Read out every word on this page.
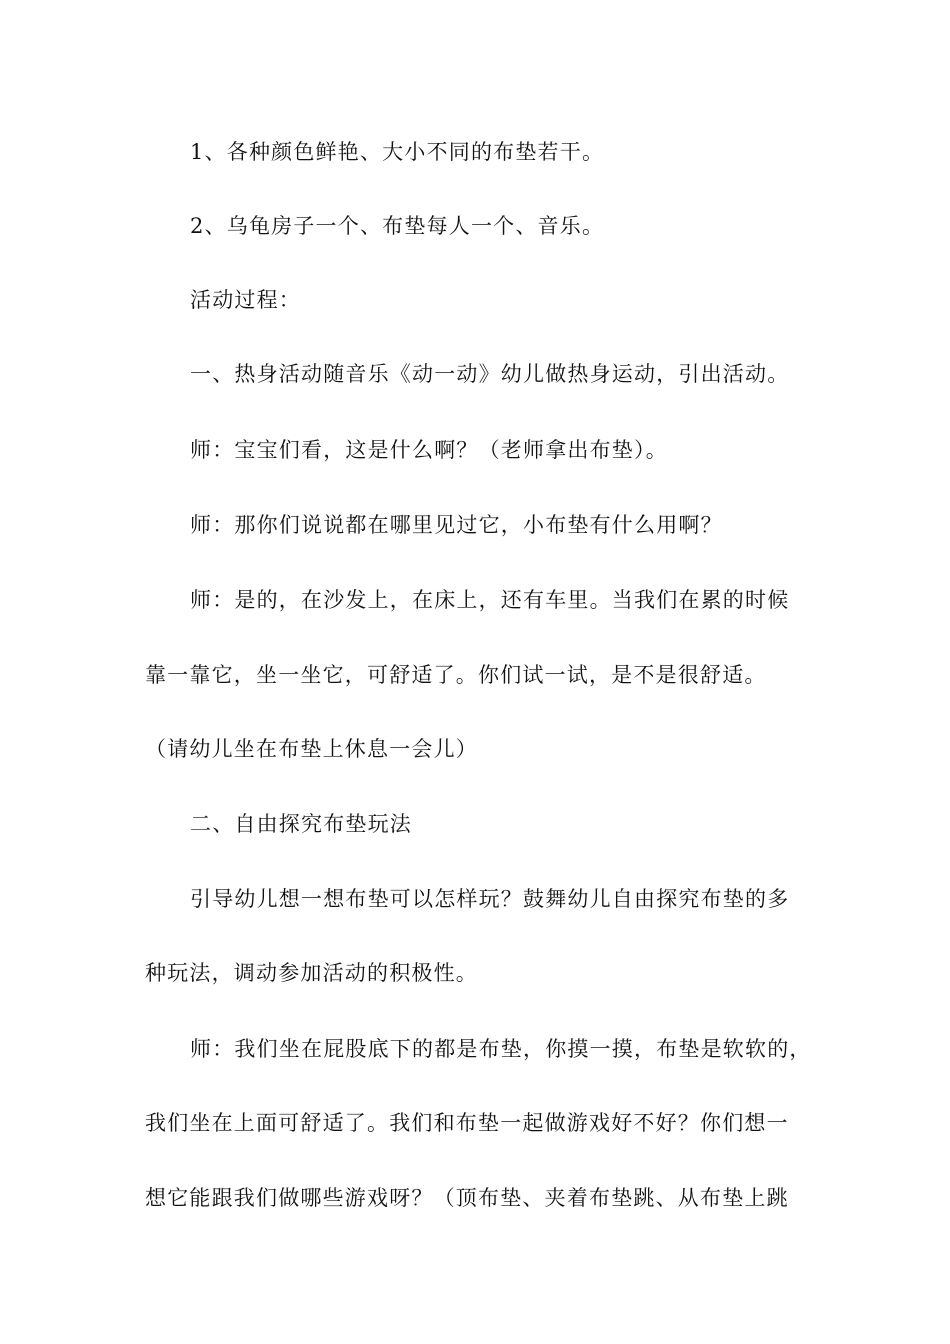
1、各种颜色鲜艳、大小不同的布垫若干。
2、乌龟房子一个、布垫每人一个、音乐。
活动过程：
一、热身活动随音乐《动一动》幼儿做热身运动，引出活动。
师：宝宝们看，这是什么啊？（老师拿出布垫）。
师：那你们说说都在哪里见过它，小布垫有什么用啊？
师：是的，在沙发上，在床上，还有车里。当我们在累的时候
靠一靠它，坐一坐它，可舒适了。你们试一试，是不是很舒适。
（请幼儿坐在布垫上休息一会儿）
二、自由探究布垫玩法
引导幼儿想一想布垫可以怎样玩？鼓舞幼儿自由探究布垫的多
种玩法，调动参加活动的积极性。
师：我们坐在屁股底下的都是布垫，你摸一摸，布垫是软软的，
我们坐在上面可舒适了。我们和布垫一起做游戏好不好？你们想一
想它能跟我们做哪些游戏呀？（顶布垫、夹着布垫跳、从布垫上跳
